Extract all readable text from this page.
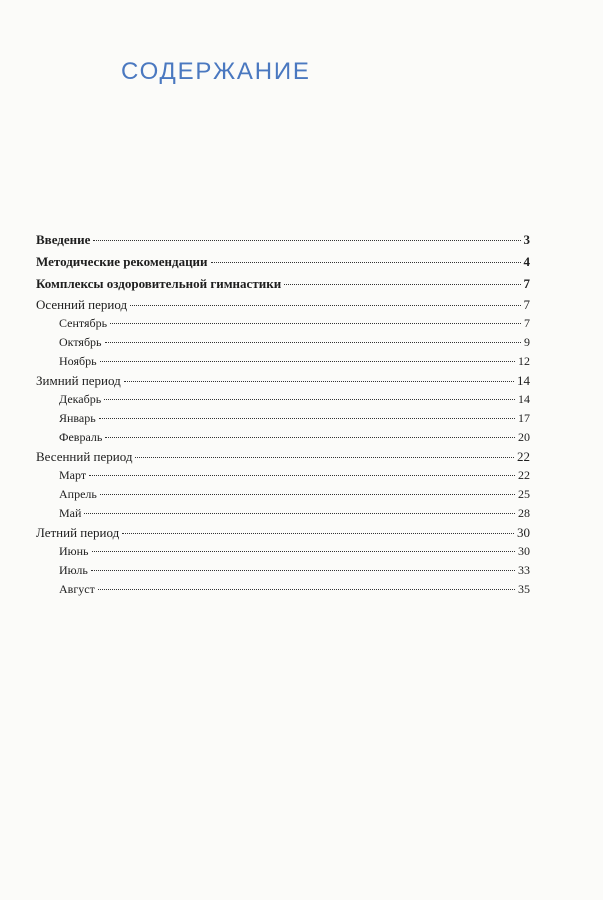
СОДЕРЖАНИЕ
Введение	3
Методические рекомендации	4
Комплексы оздоровительной гимнастики	7
Осенний период	7
Сентябрь	7
Октябрь	9
Ноябрь	12
Зимний период	14
Декабрь	14
Январь	17
Февраль	20
Весенний период	22
Март	22
Апрель	25
Май	28
Летний период	30
Июнь	30
Июль	33
Август	35
